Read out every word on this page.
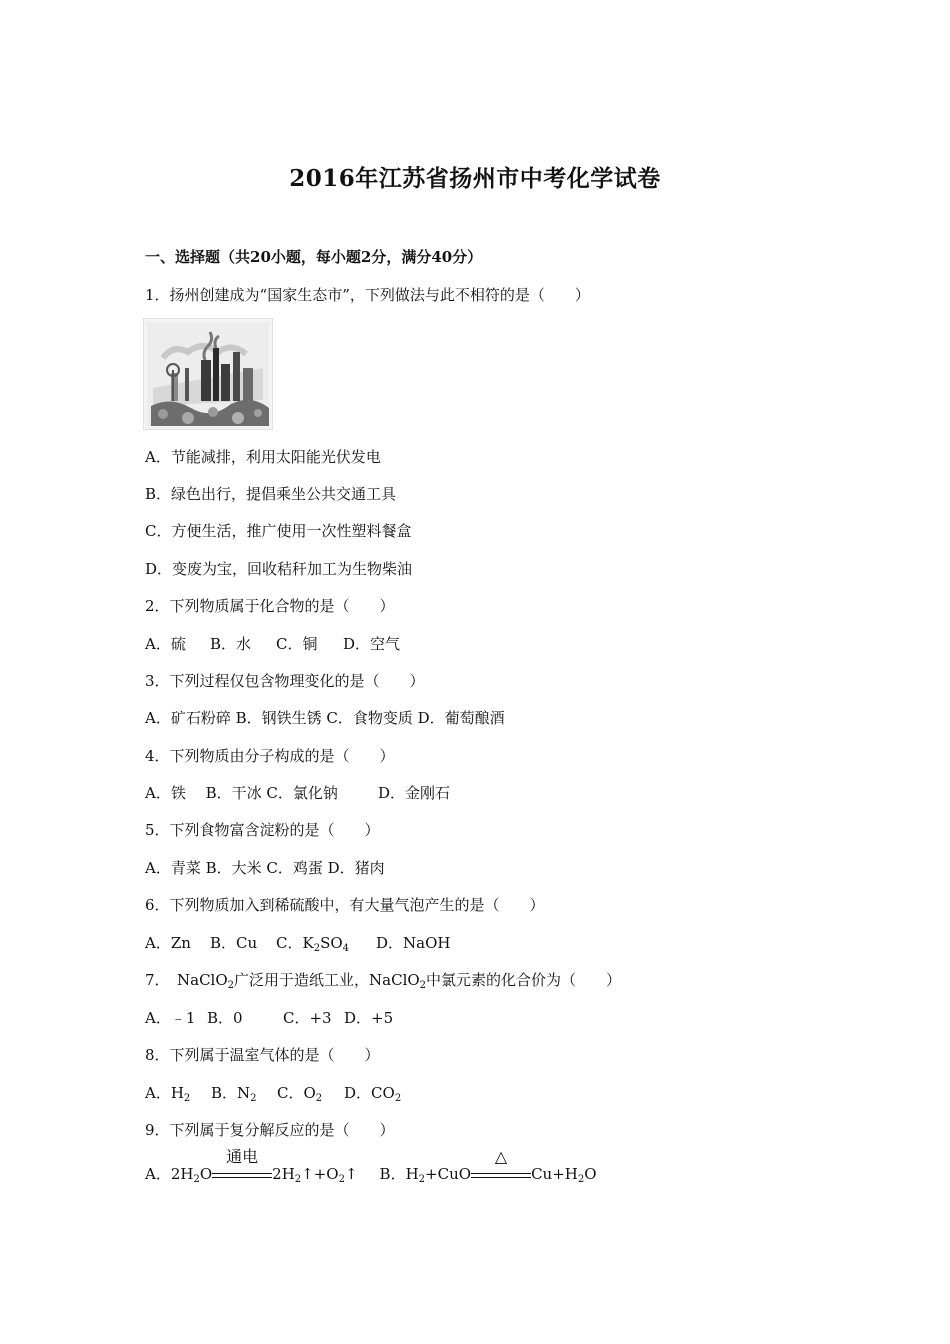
2016年江苏省扬州市中考化学试卷
一、选择题（共20小题，每小题2分，满分40分）
1．扬州创建成为“国家生态市”，下列做法与此不相符的是（　　）
A．节能减排，利用太阳能光伏发电
B．绿色出行，提倡乘坐公共交通工具
C．方便生活，推广使用一次性塑料餐盒
D．变废为宝，回收秸秆加工为生物柴油
2．下列物质属于化合物的是（　　）
A．硫 B．水 C．铜 D．空气
3．下列过程仅包含物理变化的是（　　）
A．矿石粉碎 B．钢铁生锈 C．食物变质 D．葡萄酿酒
4．下列物质由分子构成的是（　　）
A．铁　 B．干冰 C．氯化钠	D．金刚石
5．下列食物富含淀粉的是（　　）
A．青菜 B．大米 C．鸡蛋 D．猪肉
6．下列物质加入到稀硫酸中，有大量气泡产生的是（　　）
A．Zn B．Cu C．$K_2SO_4$ D．NaOH
7． NaClO$_2$广泛用于造纸工业，NaClO$_2$中氯元素的化合价为（　　）
A．﹣1 B．0	C．+3 D．+5
8．下列属于温室气体的是（　　）
A．$H_2$ B．$N_2$ C．$O_2$ D．$CO_2$
9．下列属于复分解反应的是（　　）
A．$2H_2O$
通电
$2H_2↑+O_2↑$ B．$H_2+CuO$
△
$Cu+H_2O$
